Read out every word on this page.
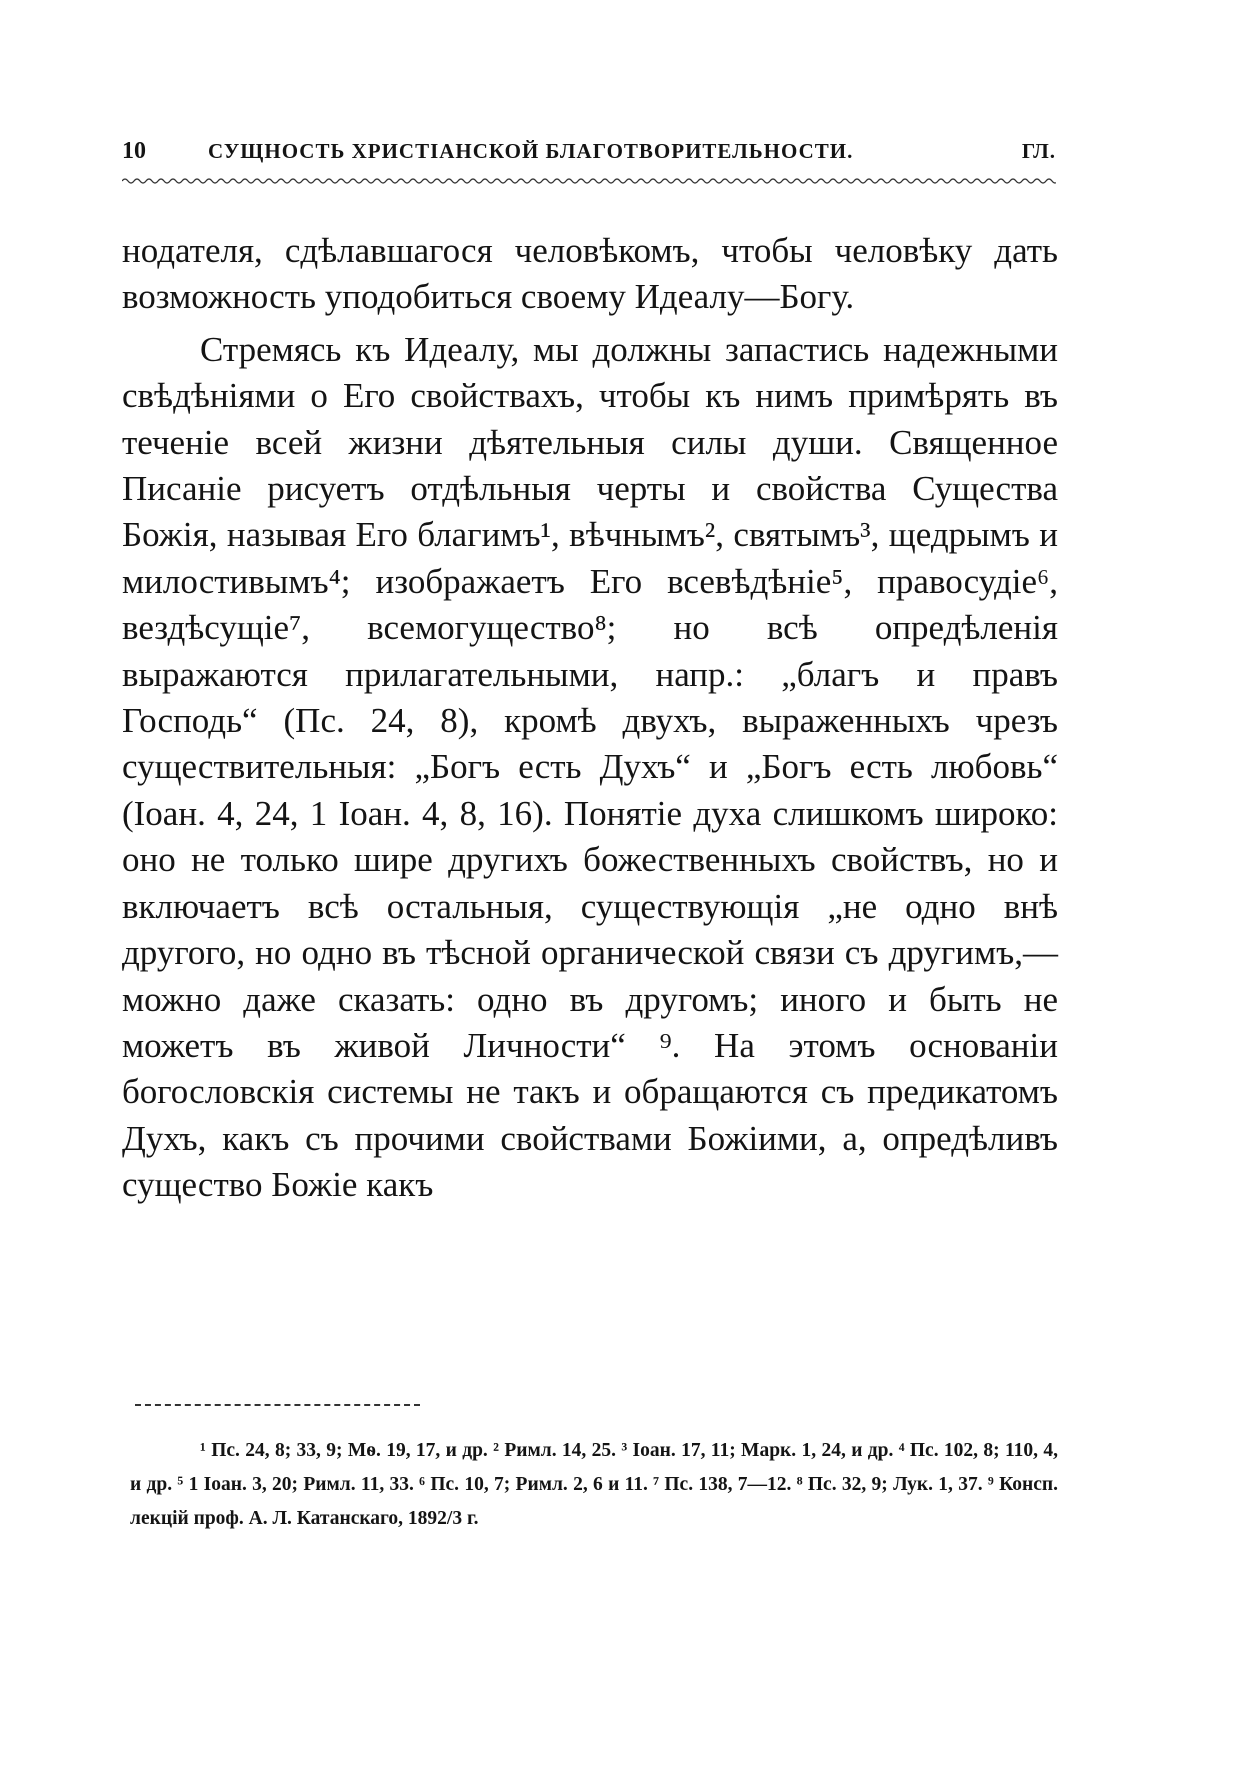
10	СУЩНОСТЬ ХРИСТІАНСКОЙ БЛАГОТВОРИТЕЛЬНОСТИ.	ГЛ.

нодателя, сдѣлавшагося человѣкомъ, чтобы человѣку дать возможность уподобиться своему Идеалу—Богу.

Стремясь къ Идеалу, мы должны запастись надежными свѣдѣніями о Его свойствахъ, чтобы къ нимъ примѣрять въ теченіе всей жизни дѣятельныя силы души. Священное Писаніе рисуетъ отдѣльныя черты и свойства Существа Божія, называя Его благимъ¹, вѣчнымъ², святымъ³, щедрымъ и милостивымъ⁴; изображаетъ Его всевѣдѣніе⁵, правосудіе⁶, вездѣсущіе⁷, всемогущество⁸; но всѣ опредѣленія выражаются прилагательными, напр.: „благъ и правъ Господь“ (Пс. 24, 8), кромѣ двухъ, выраженныхъ чрезъ существительныя: „Богъ есть Духъ“ и „Богъ есть любовь“ (Іоан. 4, 24, 1 Іоан. 4, 8, 16). Понятіе духа слишкомъ широко: оно не только шире другихъ божественныхъ свойствъ, но и включаетъ всѣ остальныя, существующія „не одно внѣ другого, но одно въ тѣсной органической связи съ другимъ,—можно даже сказать: одно въ другомъ; иного и быть не можетъ въ живой Личности“ ⁹. На этомъ основаніи богословскія системы не такъ и обращаются съ предикатомъ Духъ, какъ съ прочими свойствами Божіими, а, опредѣливъ существо Божіе какъ

¹ Пс. 24, 8; 33, 9; Мѳ. 19, 17, и др. ² Римл. 14, 25. ³ Іоан. 17, 11; Марк. 1, 24, и др. ⁴ Пс. 102, 8; 110, 4, и др. ⁵ 1 Іоан. 3, 20; Римл. 11, 33. ⁶ Пс. 10, 7; Римл. 2, 6 и 11. ⁷ Пс. 138, 7—12. ⁸ Пс. 32, 9; Лук. 1, 37. ⁹ Консп. лекцій проф. А. Л. Катанскаго, 1892/3 г.
